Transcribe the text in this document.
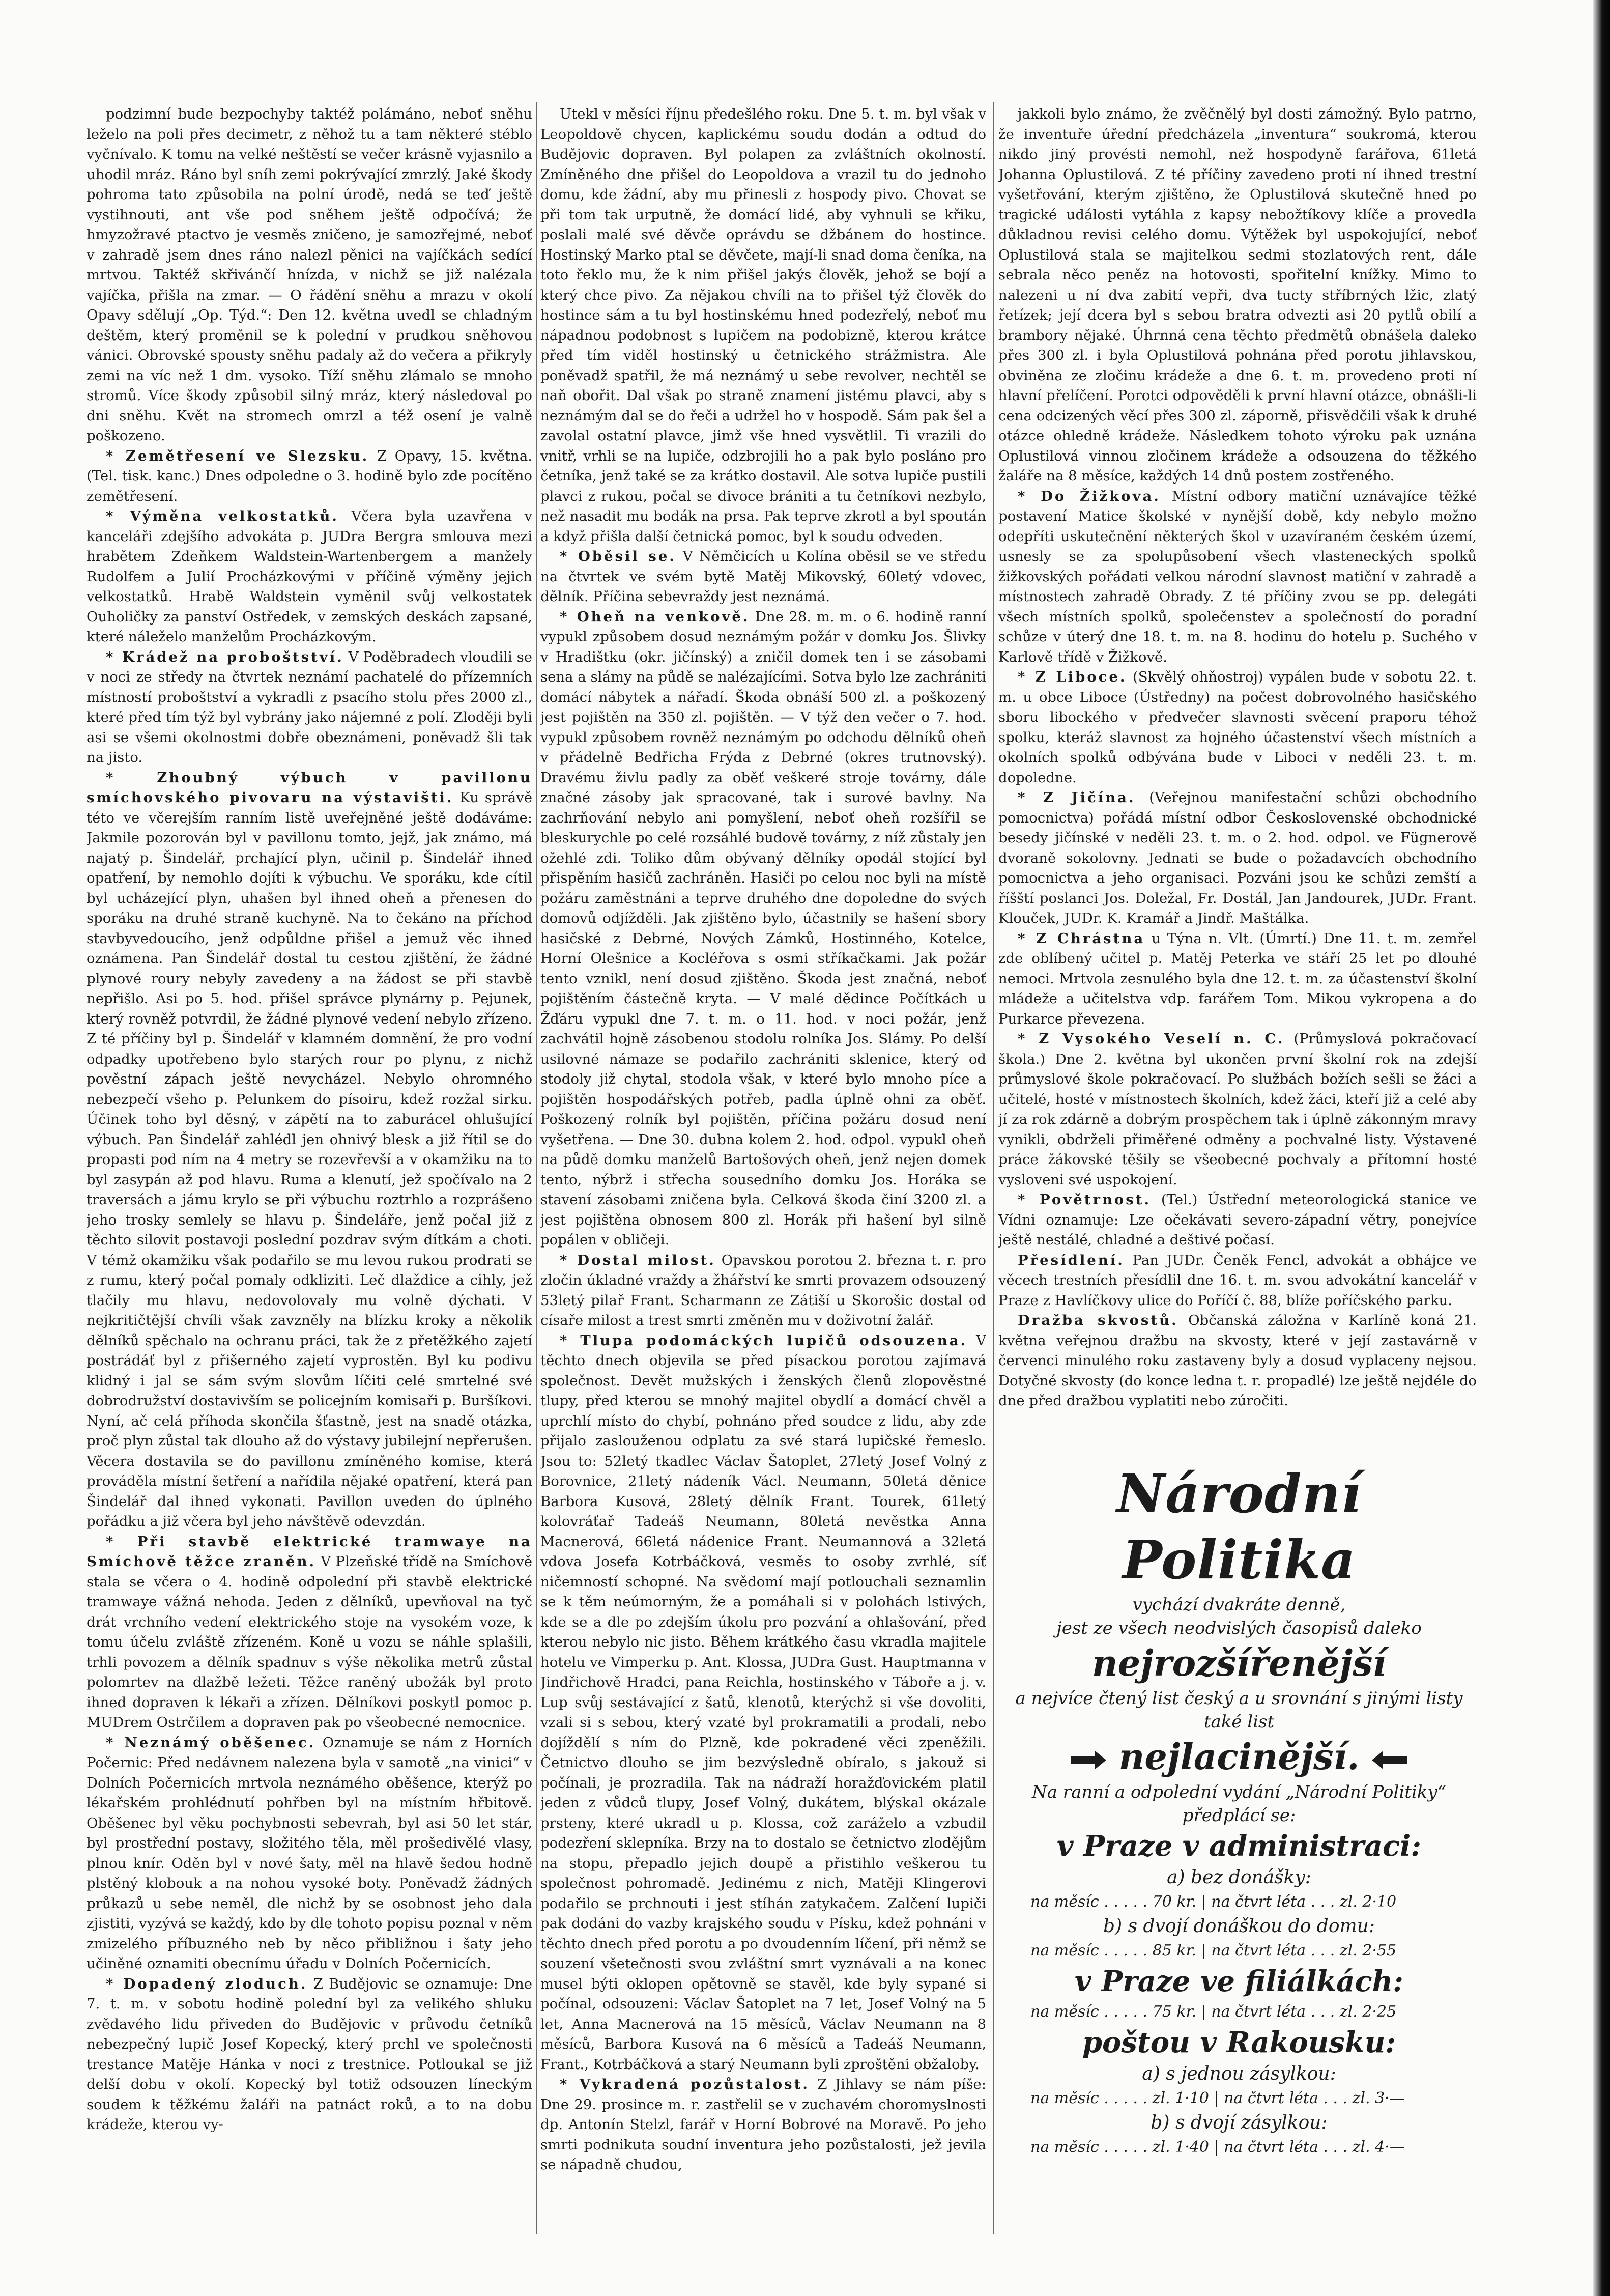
podzimní bude bezpochyby taktéž polámáno, neboť sněhu leželo na poli přes decimetr, z něhož tu a tam některé stéblo vyčnívalo. K tomu na velké neštěstí se večer krásně vyjasnilo a uhodil mráz. Ráno byl sníh zemi pokrývající zmrzlý. Jaké škody pohroma tato způsobila na polní úrodě, nedá se teď ještě vystihnouti, ant vše pod sněhem ještě odpočívá; že hmyzožravé ptactvo je vesměs zničeno, je samozřejmé, neboť v zahradě jsem dnes ráno nalezl pěnici na vajíčkách sedící mrtvou. Taktéž skřivánčí hnízda, v nichž se již nalézala vajíčka, přišla na zmar. — O řádění sněhu a mrazu v okolí Opavy sdělují „Op. Týd.“: Den 12. května uvedl se chladným deštěm, který proměnil se k polední v prudkou sněhovou vánici. Obrovské spousty sněhu padaly až do večera a přikryly zemi na víc než 1 dm. vysoko. Tíží sněhu zlámalo se mnoho stromů. Více škody způsobil silný mráz, který následoval po dni sněhu. Květ na stromech omrzl a též osení je valně poškozeno.

* Zemětřesení ve Slezsku. Z Opavy, 15. května. (Tel. tisk. kanc.) Dnes odpoledne o 3. hodině bylo zde pocítěno zemětřesení.

* Výměna velkostatků. Včera byla uzavřena v kanceláři zdejšího advokáta p. JUDra Bergra smlouva mezi hrabětem Zdeňkem Waldstein-Wartenbergem a manžely Rudolfem a Julií Procházkovými v příčině výměny jejich velkostatků. Hrabě Waldstein vyměnil svůj velkostatek Ouholičky za panství Ostředek, v zemských deskách zapsané, které náleželo manželům Procházkovým.

* Krádež na proboštství. V Poděbradech vloudili se v noci ze středy na čtvrtek neznámí pachatelé do přízemních místností proboštství a vykradli z psacího stolu přes 2000 zl., které před tím týž byl vybrány jako nájemné z polí. Zloději byli asi se všemi okolnostmi dobře obeznámeni, poněvadž šli tak na jisto.

* Zhoubný výbuch v pavillonu smíchovského pivovaru na výstavišti. Ku správě této ve včerejším ranním listě uveřejněné ještě dodáváme: Jakmile pozorován byl v pavillonu tomto, jejž, jak známo, má najatý p. Šindelář, prchající plyn, učinil p. Šindelář ihned opatření, by nemohlo dojíti k výbuchu. Ve sporáku, kde cítil byl ucházející plyn, uhašen byl ihned oheň a přenesen do sporáku na druhé straně kuchyně. Na to čekáno na příchod stavbyvedoucího, jenž odpůldne přišel a jemuž věc ihned oznámena. Pan Šindelář dostal tu cestou zjištění, že žádné plynové roury nebyly zavedeny a na žádost se při stavbě nepřišlo. Asi po 5. hod. přišel správce plynárny p. Pejunek, který rovněž potvrdil, že žádné plynové vedení nebylo zřízeno. Z té příčiny byl p. Šindelář v klamném domnění, že pro vodní odpadky upotřebeno bylo starých rour po plynu, z nichž pověstní zápach ještě nevycházel. Nebylo ohromného nebezpečí všeho p. Pelunkem do písoiru, kdež rozžal sirku. Účinek toho byl děsný, v zápětí na to zaburácel ohlušující výbuch. Pan Šindelář zahlédl jen ohnivý blesk a již řítil se do propasti pod ním na 4 metry se rozevřevší a v okamžiku na to byl zasypán až pod hlavu. Ruma a klenutí, jež spočívalo na 2 traversách a jámu krylo se při výbuchu roztrhlo a rozprášeno jeho trosky semlely se hlavu p. Šindeláře, jenž počal již z těchto silovit postavoji poslední pozdrav svým dítkám a choti. V témž okamžiku však podařilo se mu levou rukou prodrati se z rumu, který počal pomaly odkliziti. Leč dlaždice a cihly, jež tlačily mu hlavu, nedovolovaly mu volně dýchati. V nejkritičtější chvíli však zavzněly na blízku kroky a několik dělníků spěchalo na ochranu práci, tak že z přetěžkého zajetí postrádáť byl z přišerného zajetí vyprostěn. Byl ku podivu klidný i jal se sám svým slovům líčiti celé smrtelné své dobrodružství dostavivším se policejním komisaři p. Buršíkovi. Nyní, ač celá příhoda skončila šťastně, jest na snadě otázka, proč plyn zůstal tak dlouho až do výstavy jubilejní nepřerušen. Věcera dostavila se do pavillonu zmíněného komise, která prováděla místní šetření a nařídila nějaké opatření, která pan Šindelář dal ihned vykonati. Pavillon uveden do úplného pořádku a již včera byl jeho návštěvě odevzdán.

* Při stavbě elektrické tramwaye na Smíchově těžce zraněn. V Plzeňské třídě na Smíchově stala se včera o 4. hodině odpolední při stavbě elektrické tramwaye vážná nehoda. Jeden z dělníků, upevňoval na tyč drát vrchního vedení elektrického stoje na vysokém voze, k tomu účelu zvláště zřízeném. Koně u vozu se náhle splašili, trhli povozem a dělník spadnuv s výše několika metrů zůstal polomrtev na dlažbě ležeti. Těžce raněný ubožák byl proto ihned dopraven k lékaři a zřízen. Dělníkovi poskytl pomoc p. MUDrem Ostrčilem a dopraven pak po všeobecné nemocnice.

* Neznámý oběšenec. Oznamuje se nám z Horních Počernic: Před nedávnem nalezena byla v samotě „na vinici“ v Dolních Počernicích mrtvola neznámého oběšence, kterýž po lékařském prohlédnutí pohřben byl na místním hřbitově. Oběšenec byl věku pochybnosti sebevrah, byl asi 50 let stár, byl prostřední postavy, složitého těla, měl prošedivělé vlasy, plnou knír. Oděn byl v nové šaty, měl na hlavě šedou hodně plstěný klobouk a na nohou vysoké boty. Poněvadž žádných průkazů u sebe neměl, dle nichž by se osobnost jeho dala zjistiti, vyzývá se každý, kdo by dle tohoto popisu poznal v něm zmizelého příbuzného neb by něco přibližnou i šaty jeho učiněné oznamiti obecnímu úřadu v Dolních Počernicích.

* Dopadený zloduch. Z Budějovic se oznamuje: Dne 7. t. m. v sobotu hodině polední byl za velikého shluku zvědavého lidu přiveden do Budějovic v průvodu četníků nebezpečný lupič Josef Kopecký, který prchl ve společnosti trestance Matěje Hánka v noci z trestnice. Potloukal se již delší dobu v okolí. Kopecký byl totiž odsouzen líneckým soudem k těžkému žaláři na patnáct roků, a to na dobu krádeže, kterou vy-

Utekl v měsíci říjnu předešlého roku. Dne 5. t. m. byl však v Leopoldově chycen, kaplickému soudu dodán a odtud do Budějovic dopraven. Byl polapen za zvláštních okolností. Zmíněného dne přišel do Leopoldova a vrazil tu do jednoho domu, kde žádní, aby mu přinesli z hospody pivo. Chovat se při tom tak urputně, že domácí lidé, aby vyhnuli se křiku, poslali malé své děvče oprávdu se džbánem do hostince. Hostinský Marko ptal se děvčete, mají-li snad doma čeníka, na toto řeklo mu, že k nim přišel jakýs člověk, jehož se bojí a který chce pivo. Za nějakou chvíli na to přišel týž člověk do hostince sám a tu byl hostinskému hned podezřelý, neboť mu nápadnou podobnost s lupičem na podobizně, kterou krátce před tím viděl hostinský u četnického strážmistra. Ale poněvadž spatřil, že má neznámý u sebe revolver, nechtěl se naň obořit. Dal však po straně znamení jistému plavci, aby s neznámým dal se do řeči a udržel ho v hospodě. Sám pak šel a zavolal ostatní plavce, jimž vše hned vysvětlil. Ti vrazili do vnitř, vrhli se na lupiče, odzbrojili ho a pak bylo posláno pro četníka, jenž také se za krátko dostavil. Ale sotva lupiče pustili plavci z rukou, počal se divoce brániti a tu četníkovi nezbylo, než nasadit mu bodák na prsa. Pak teprve zkrotl a byl spoután a když přišla další četnická pomoc, byl k soudu odveden.

* Oběsil se. V Němčicích u Kolína oběsil se ve středu na čtvrtek ve svém bytě Matěj Mikovský, 60letý vdovec, dělník. Příčina sebevraždy jest neznámá.

* Oheň na venkově. Dne 28. m. m. o 6. hodině ranní vypukl způsobem dosud neznámým požár v domku Jos. Šlivky v Hradištku (okr. jičínský) a zničil domek ten i se zásobami sena a slámy na půdě se nalézajícími. Sotva bylo lze zachrániti domácí nábytek a nářadí. Škoda obnáší 500 zl. a poškozený jest pojištěn na 350 zl. pojištěn. — V týž den večer o 7. hod. vypukl způsobem rovněž neznámým po odchodu dělníků oheň v přádelně Bedřicha Frýda z Debrné (okres trutnovský). Dravému živlu padly za oběť veškeré stroje továrny, dále značné zásoby jak spracované, tak i surové bavlny. Na zachrňování nebylo ani pomyšlení, neboť oheň rozšířil se bleskurychle po celé rozsáhlé budově továrny, z níž zůstaly jen ožehlé zdi. Toliko dům obývaný dělníky opodál stojící byl přispěním hasičů zachráněn. Hasiči po celou noc byli na místě požáru zaměstnáni a teprve druhého dne dopoledne do svých domovů odjížděli. Jak zjištěno bylo, účastnily se hašení sbory hasičské z Debrné, Nových Zámků, Hostinného, Kotelce, Horní Olešnice a Kocléřova s osmi stříkačkami. Jak požár tento vznikl, není dosud zjištěno. Škoda jest značná, neboť pojištěním částečně kryta. — V malé dědince Počítkách u Žďáru vypukl dne 7. t. m. o 11. hod. v noci požár, jenž zachvátil hojně zásobenou stodolu rolníka Jos. Slámy. Po delší usilovné námaze se podařilo zachrániti sklenice, který od stodoly již chytal, stodola však, v které bylo mnoho píce a pojištěn hospodářských potřeb, padla úplně ohni za oběť. Poškozený rolník byl pojištěn, příčina požáru dosud není vyšetřena. — Dne 30. dubna kolem 2. hod. odpol. vypukl oheň na půdě domku manželů Bartošových oheň, jenž nejen domek tento, nýbrž i střecha sousedního domku Jos. Horáka se stavení zásobami zničena byla. Celková škoda činí 3200 zl. a jest pojištěna obnosem 800 zl. Horák při hašení byl silně popálen v obličeji.

* Dostal milost. Opavskou porotou 2. března t. r. pro zločin úkladné vraždy a žhářství ke smrti provazem odsouzený 53letý pilař Frant. Scharmann ze Zátiší u Skorošic dostal od císaře milost a trest smrti změněn mu v doživotní žalář.

* Tlupa podomáckých lupičů odsouzena. V těchto dnech objevila se před písackou porotou zajímavá společnost. Devět mužských i ženských členů zlopověstné tlupy, před kterou se mnohý majitel obydlí a domácí chvěl a uprchlí místo do chybí, pohnáno před soudce z lidu, aby zde přijalo zaslouženou odplatu za své stará lupičské řemeslo. Jsou to: 52letý tkadlec Václav Šatoplet, 27letý Josef Volný z Borovnice, 21letý nádeník Václ. Neumann, 50letá děnice Barbora Kusová, 28letý dělník Frant. Tourek, 61letý kolovráťař Tadeáš Neumann, 80letá nevěstka Anna Macnerová, 66letá nádenice Frant. Neumannová a 32letá vdova Josefa Kotrbáčková, vesměs to osoby zvrhlé, síť ničemností schopné. Na svědomí mají potlouchali seznamlin se k těm neúmorným, že a pomáhali si v polohách lstivých, kde se a dle po zdejším úkolu pro pozvání a ohlašování, před kterou nebylo nic jisto. Během krátkého času vkradla majitele hotelu ve Vimperku p. Ant. Klossa, JUDra Gust. Hauptmanna v Jindřichově Hradci, pana Reichla, hostinského v Táboře a j. v. Lup svůj sestávající z šatů, klenotů, kterýchž si vše dovoliti, vzali si s sebou, který vzaté byl prokramatili a prodali, nebo dojíždělí s ním do Plzně, kde pokradené věci zpeněžili. Četnictvo dlouho se jim bezvýsledně obíralo, s jakouž si počínali, je prozradila. Tak na nádraží horažďovickém platil jeden z vůdců tlupy, Josef Volný, dukátem, blýskal okázale prsteny, které ukradl u p. Klossa, což zaráželo a vzbudil podezření sklepníka. Brzy na to dostalo se četnictvo zlodějům na stopu, přepadlo jejich doupě a přistihlo veškerou tu společnost pohromadě. Jedinému z nich, Matěji Klingerovi podařilo se prchnouti i jest stíhán zatykačem. Zalčení lupiči pak dodáni do vazby krajského soudu v Písku, kdež pohnáni v těchto dnech před porotu a po dvoudenním líčení, při němž se souzení všetečnosti svou zvláštní smrt vyznávali a na konec musel býti oklopen opětovně se stavěl, kde byly sypané si počínal, odsouzeni: Václav Šatoplet na 7 let, Josef Volný na 5 let, Anna Macnerová na 15 měsíců, Václav Neumann na 8 měsíců, Barbora Kusová na 6 měsíců a Tadeáš Neumann, Frant., Kotrbáčková a starý Neumann byli zproštěni obžaloby.

* Vykradená pozůstalost. Z Jihlavy se nám píše: Dne 29. prosince m. r. zastřelil se v zuchavém choromyslnosti dp. Antonín Stelzl, farář v Horní Bobrové na Moravě. Po jeho smrti podnikuta soudní inventura jeho pozůstalosti, jež jevila se nápadně chudou,

jakkoli bylo známo, že zvěčnělý byl dosti zámožný. Bylo patrno, že inventuře úřední předcházela „inventura“ soukromá, kterou nikdo jiný provésti nemohl, než hospodyně farářova, 61letá Johanna Oplustilová. Z té příčiny zavedeno proti ní ihned trestní vyšetřování, kterým zjištěno, že Oplustilová skutečně hned po tragické události vytáhla z kapsy nebožtíkovy klíče a provedla důkladnou revisi celého domu. Výtěžek byl uspokojující, neboť Oplustilová stala se majitelkou sedmi stozlatových rent, dále sebrala něco peněz na hotovosti, spořitelní knížky. Mimo to nalezeni u ní dva zabití vepři, dva tucty stříbrných lžic, zlatý řetízek; její dcera byl s sebou bratra odvezti asi 20 pytlů obilí a brambory nějaké. Úhrnná cena těchto předmětů obnášela daleko přes 300 zl. i byla Oplustilová pohnána před porotu jihlavskou, obviněna ze zločinu krádeže a dne 6. t. m. provedeno proti ní hlavní přelíčení. Porotci odpověděli k první hlavní otázce, obnášli-li cena odcizených věcí přes 300 zl. záporně, přisvědčili však k druhé otázce ohledně krádeže. Následkem tohoto výroku pak uznána Oplustilová vinnou zločinem krádeže a odsouzena do těžkého žaláře na 8 měsíce, každých 14 dnů postem zostřeného.

* Do Žižkova. Místní odbory matiční uznávajíce těžké postavení Matice školské v nynější době, kdy nebylo možno odepříti uskutečnění některých škol v uzavíraném českém území, usnesly se za spolupůsobení všech vlasteneckých spolků žižkovských pořádati velkou národní slavnost matiční v zahradě a místnostech zahradě Obrady. Z té příčiny zvou se pp. delegáti všech místních spolků, společenstev a společností do poradní schůze v úterý dne 18. t. m. na 8. hodinu do hotelu p. Suchého v Karlově třídě v Žižkově.

* Z Liboce. (Skvělý ohňostroj) vypálen bude v sobotu 22. t. m. u obce Liboce (Ústředny) na počest dobrovolného hasičského sboru libockého v předvečer slavnosti svěcení praporu téhož spolku, kteráž slavnost za hojného účastenství všech místních a okolních spolků odbývána bude v Liboci v neděli 23. t. m. dopoledne.

* Z Jičína. (Veřejnou manifestační schůzi obchodního pomocnictva) pořádá místní odbor Československé obchodnické besedy jičínské v neděli 23. t. m. o 2. hod. odpol. ve Fügnerově dvoraně sokolovny. Jednati se bude o požadavcích obchodního pomocnictva a jeho organisaci. Pozváni jsou ke schůzi zemští a říšští poslanci Jos. Doležal, Fr. Dostál, Jan Jandourek, JUDr. Frant. Klouček, JUDr. K. Kramář a Jindř. Maštálka.

* Z Chrástna u Týna n. Vlt. (Úmrtí.) Dne 11. t. m. zemřel zde oblíbený učitel p. Matěj Peterka ve stáří 25 let po dlouhé nemoci. Mrtvola zesnulého byla dne 12. t. m. za účastenství školní mládeže a učitelstva vdp. farářem Tom. Mikou vykropena a do Purkarce převezena.

* Z Vysokého Veselí n. C. (Průmyslová pokračovací škola.) Dne 2. května byl ukončen první školní rok na zdejší průmyslové škole pokračovací. Po službách božích sešli se žáci a učitelé, hosté v místnostech školních, kdež žáci, kteří již a celé aby jí za rok zdárně a dobrým prospěchem tak i úplně zákonným mravy vynikli, obdrželi přiměřené odměny a pochvalné listy. Výstavené práce žákovské těšily se všeobecné pochvaly a přítomní hosté vysloveni své uspokojení.

* Povětrnost. (Tel.) Ústřední meteorologická stanice ve Vídni oznamuje: Lze očekávati severo-západní větry, ponejvíce ještě nestálé, chladné a deštivé počasí.

Přesídlení. Pan JUDr. Čeněk Fencl, advokát a obhájce ve věcech trestních přesídlil dne 16. t. m. svou advokátní kancelář v Praze z Havlíčkovy ulice do Poříčí č. 88, blíže poříčského parku.

Dražba skvostů. Občanská záložna v Karlíně koná 21. května veřejnou dražbu na skvosty, které v její zastavárně v červenci minulého roku zastaveny byly a dosud vyplaceny nejsou. Dotyčné skvosty (do konce ledna t. r. propadlé) lze ještě nejdéle do dne před dražbou vyplatiti nebo zúročiti.

Národní Politika
vychází dvakráte denně,
jest ze všech neodvislých časopisů daleko
nejrozšířenější
a nejvíce čtený list český a u srovnání s jinými listy také list
nejlacinější.
Na ranní a odpolední vydání „Národní Politiky“ předplácí se:
v Praze v administraci:
a) bez donášky:
na měsíc . . . . . 70 kr. | na čtvrt léta . . . zl. 2·10
b) s dvojí donáškou do domu:
na měsíc . . . . . 85 kr. | na čtvrt léta . . . zl. 2·55
v Praze ve filiálkách:
na měsíc . . . . . 75 kr. | na čtvrt léta . . . zl. 2·25
poštou v Rakousku:
a) s jednou zásylkou:
na měsíc . . . . . zl. 1·10 | na čtvrt léta . . . zl. 3·—
b) s dvojí zásylkou:
na měsíc . . . . . zl. 1·40 | na čtvrt léta . . . zl. 4·—
